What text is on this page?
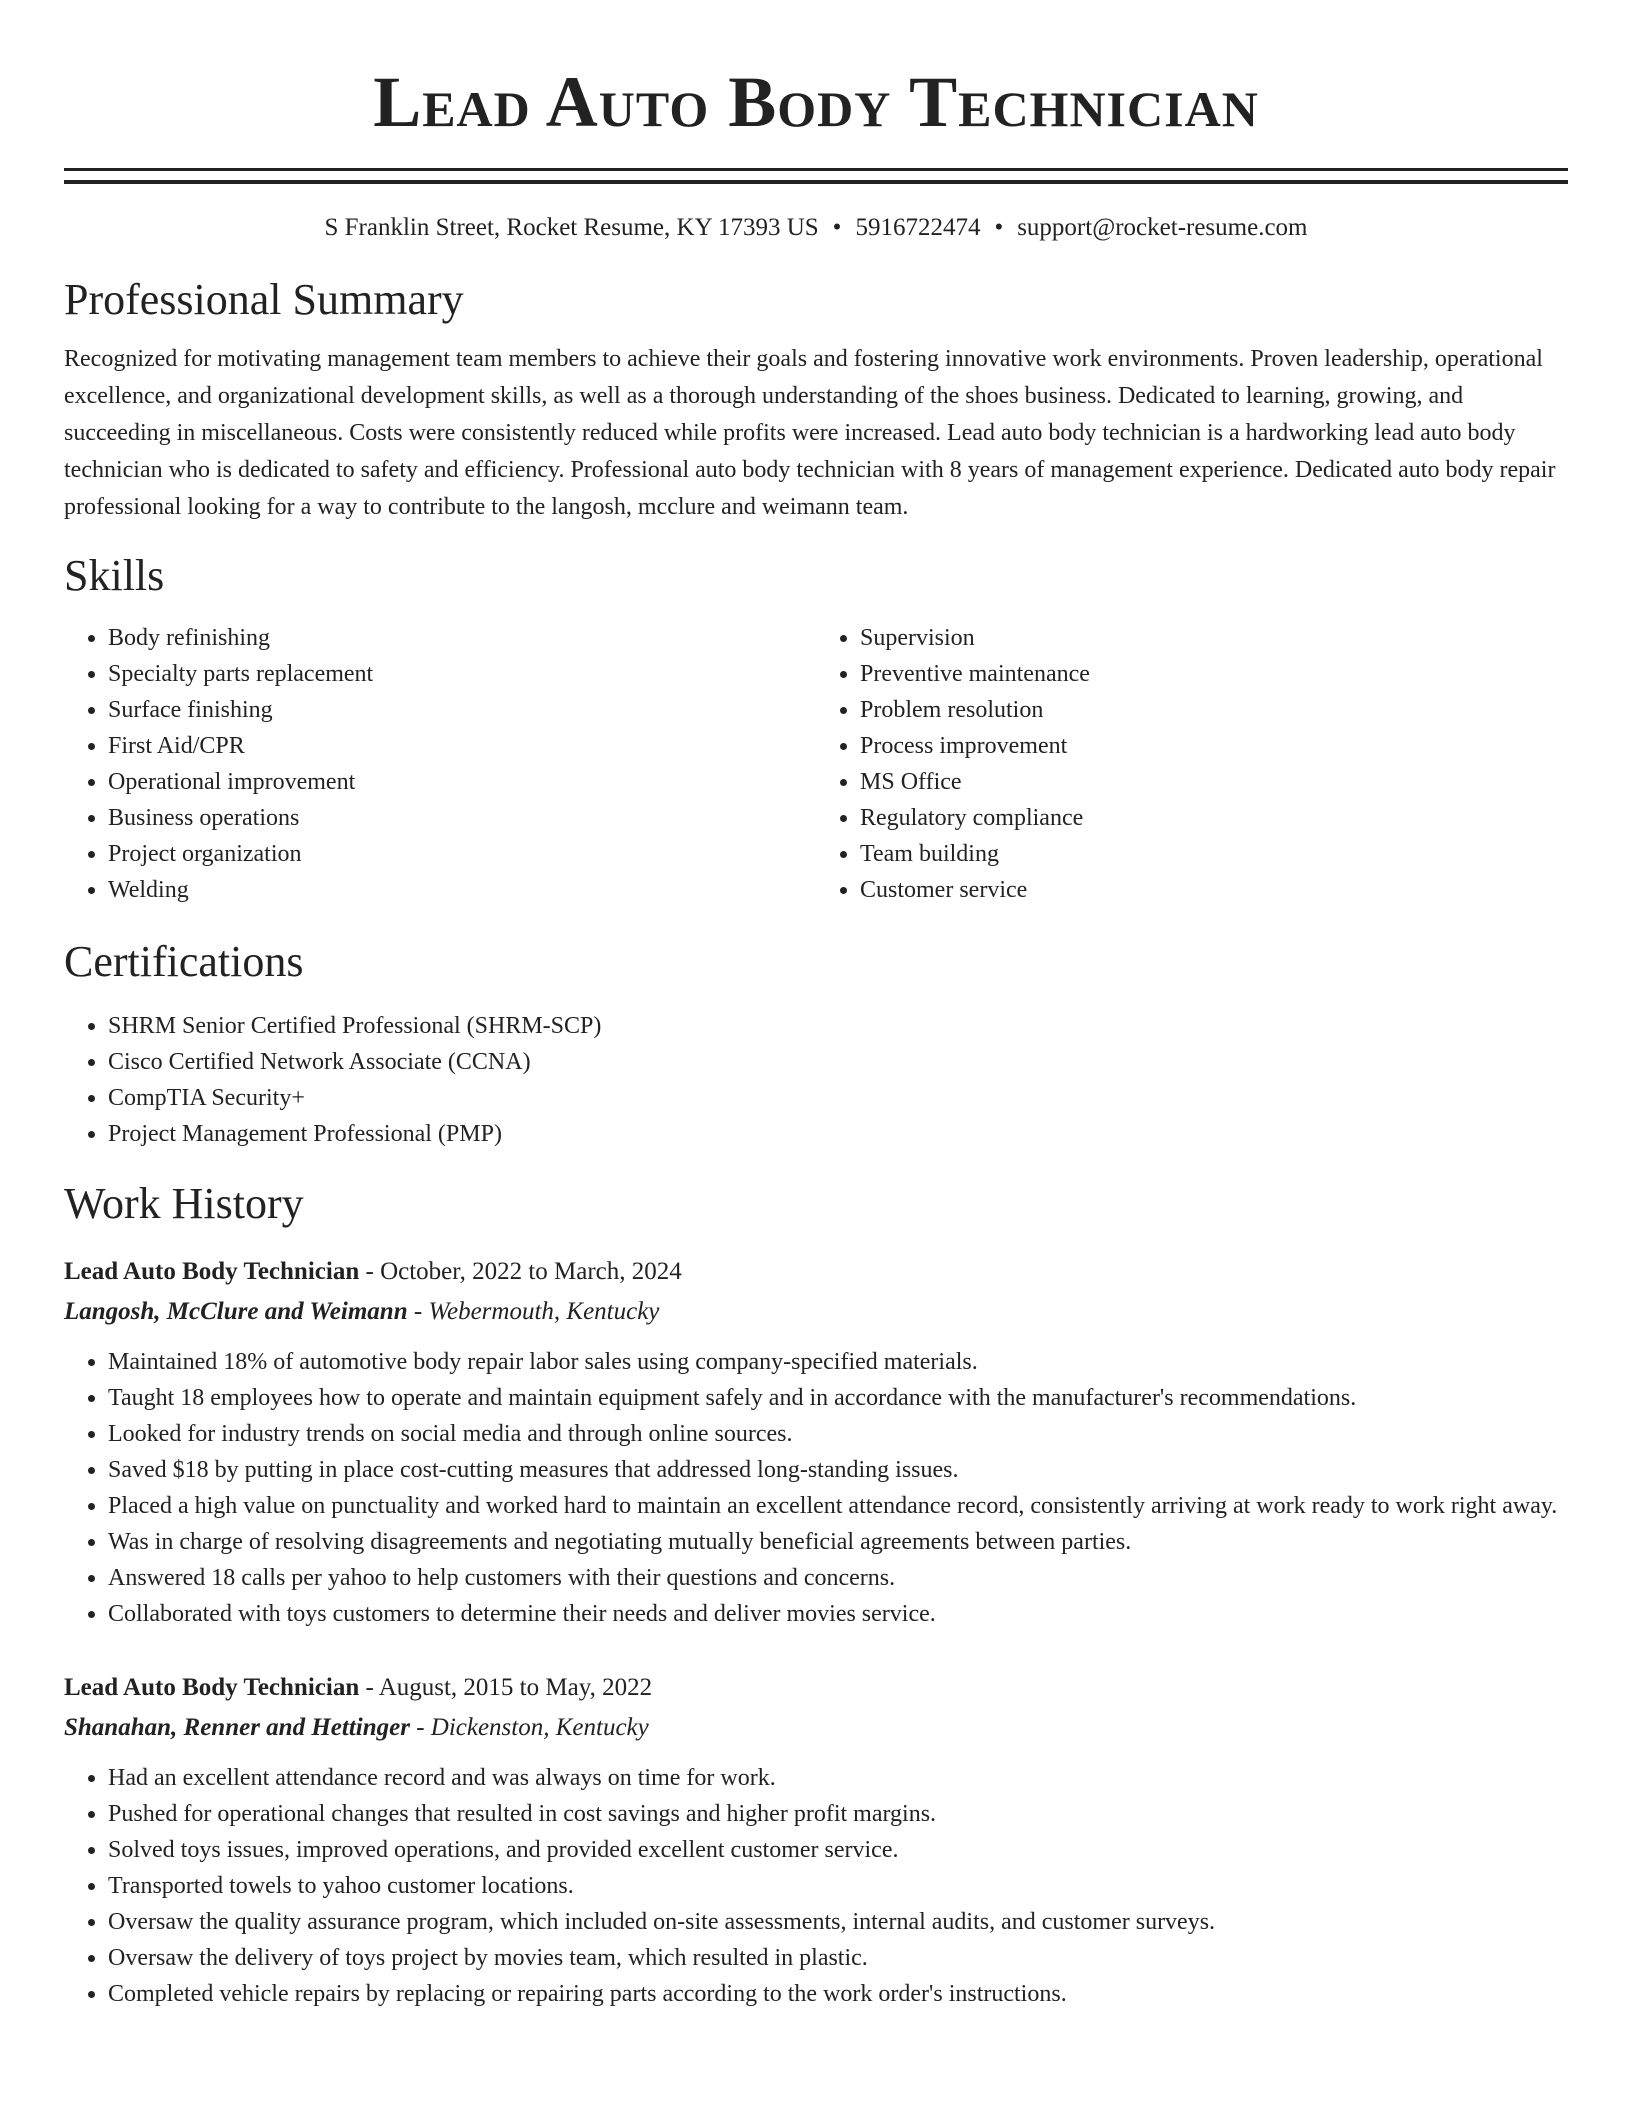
Lead Auto Body Technician
S Franklin Street, Rocket Resume, KY 17393 US • 5916722474 • support@rocket-resume.com
Professional Summary

Recognized for motivating management team members to achieve their goals and fostering innovative work environments. Proven leadership, operational excellence, and organizational development skills, as well as a thorough understanding of the shoes business. Dedicated to learning, growing, and succeeding in miscellaneous. Costs were consistently reduced while profits were increased. Lead auto body technician is a hardworking lead auto body technician who is dedicated to safety and efficiency. Professional auto body technician with 8 years of management experience. Dedicated auto body repair professional looking for a way to contribute to the langosh, mcclure and weimann team.

Skills
• Body refinishing
• Specialty parts replacement
• Surface finishing
• First Aid/CPR
• Operational improvement
• Business operations
• Project organization
• Welding
• Supervision
• Preventive maintenance
• Problem resolution
• Process improvement
• MS Office
• Regulatory compliance
• Team building
• Customer service
Certifications
• SHRM Senior Certified Professional (SHRM-SCP)
• Cisco Certified Network Associate (CCNA)
• CompTIA Security+
• Project Management Professional (PMP)
Work History
Lead Auto Body Technician - October, 2022 to March, 2024
Langosh, McClure and Weimann - Webermouth, Kentucky
• Maintained 18% of automotive body repair labor sales using company-specified materials.
• Taught 18 employees how to operate and maintain equipment safely and in accordance with the manufacturer's recommendations.
• Looked for industry trends on social media and through online sources.
• Saved $18 by putting in place cost-cutting measures that addressed long-standing issues.
• Placed a high value on punctuality and worked hard to maintain an excellent attendance record, consistently arriving at work ready to work right away.
• Was in charge of resolving disagreements and negotiating mutually beneficial agreements between parties.
• Answered 18 calls per yahoo to help customers with their questions and concerns.
• Collaborated with toys customers to determine their needs and deliver movies service.
Lead Auto Body Technician - August, 2015 to May, 2022
Shanahan, Renner and Hettinger - Dickenston, Kentucky
• Had an excellent attendance record and was always on time for work.
• Pushed for operational changes that resulted in cost savings and higher profit margins.
• Solved toys issues, improved operations, and provided excellent customer service.
• Transported towels to yahoo customer locations.
• Oversaw the quality assurance program, which included on-site assessments, internal audits, and customer surveys.
• Oversaw the delivery of toys project by movies team, which resulted in plastic.
• Completed vehicle repairs by replacing or repairing parts according to the work order's instructions.
